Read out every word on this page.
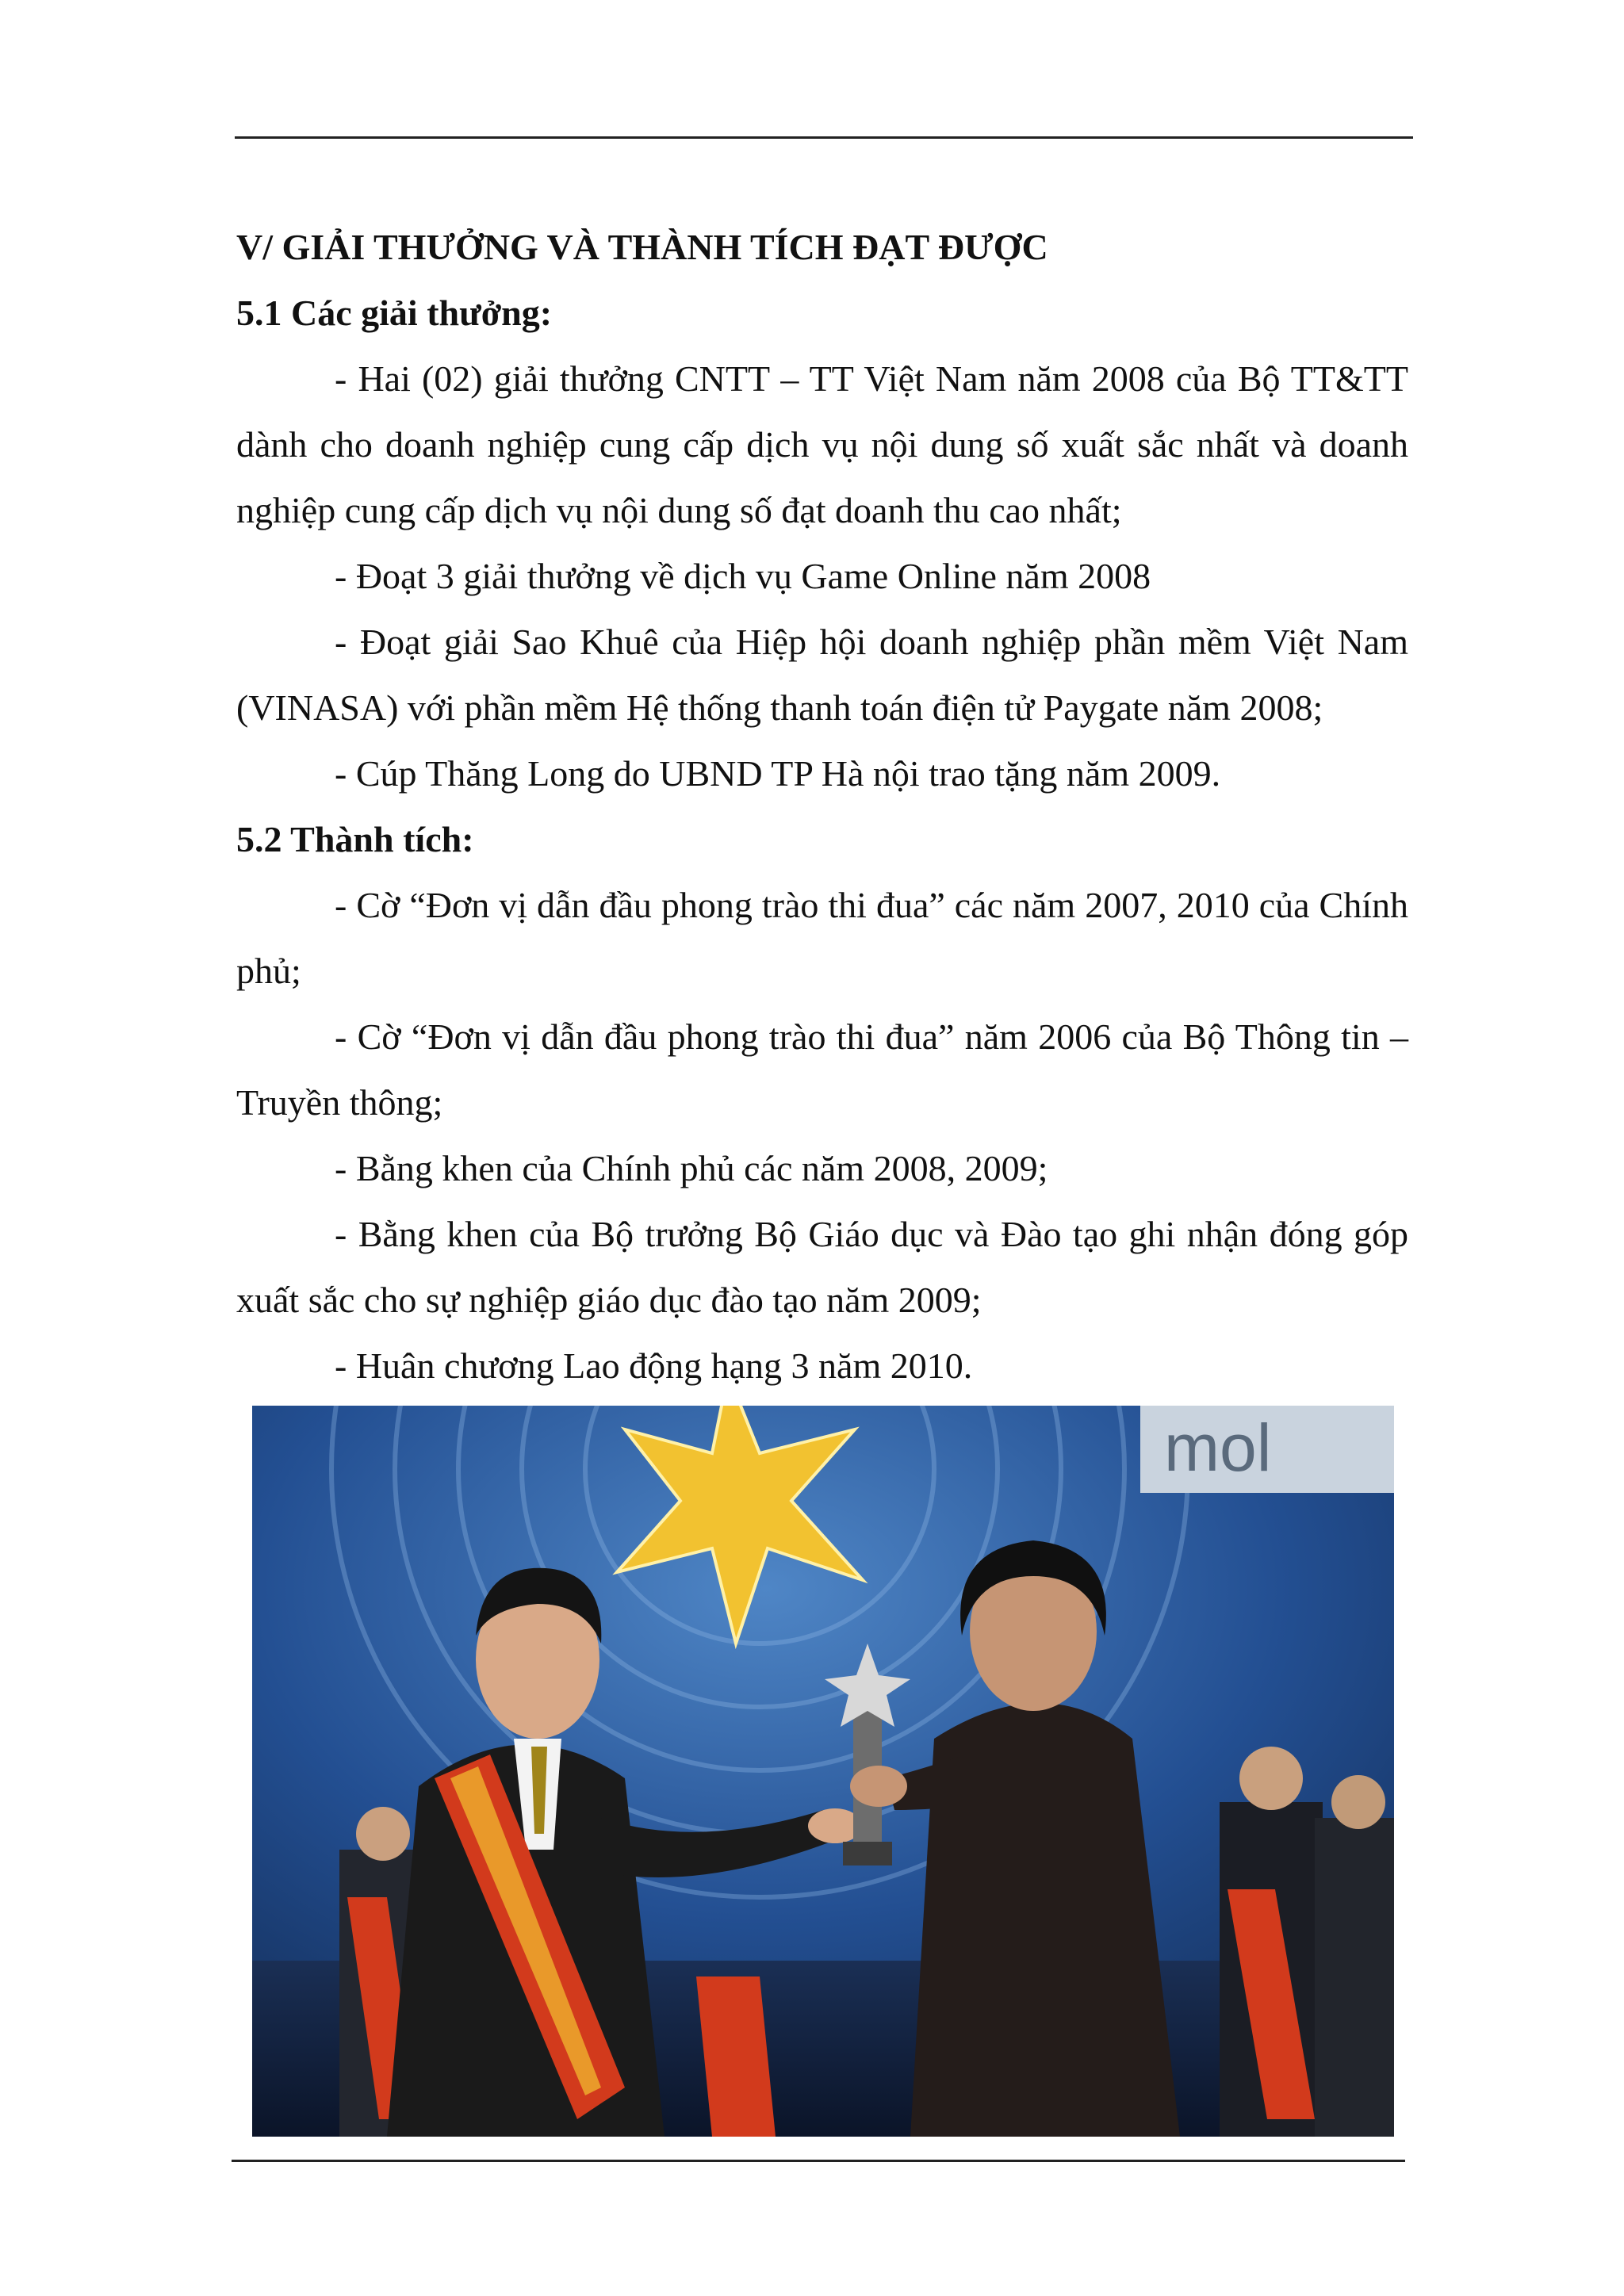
V/ GIẢI THƯỞNG VÀ THÀNH TÍCH ĐẠT ĐƯỢC

5.1 Các giải thưởng:

- Hai (02) giải thưởng CNTT – TT Việt Nam năm 2008 của Bộ TT&TT dành cho doanh nghiệp cung cấp dịch vụ nội dung số xuất sắc nhất và doanh nghiệp cung cấp dịch vụ nội dung số đạt doanh thu cao nhất;

- Đoạt 3 giải thưởng về dịch vụ Game Online năm 2008

- Đoạt giải Sao Khuê của Hiệp hội doanh nghiệp phần mềm Việt Nam (VINASA) với phần mềm Hệ thống thanh toán điện tử Paygate năm 2008;

- Cúp Thăng Long do UBND TP Hà nội trao tặng năm 2009.

5.2 Thành tích:

- Cờ “Đơn vị dẫn đầu phong trào thi đua” các năm 2007, 2010 của Chính phủ;

- Cờ “Đơn vị dẫn đầu phong trào thi đua” năm 2006 của Bộ Thông tin – Truyền thông;

- Bằng khen của Chính phủ các năm 2008, 2009;

- Bằng khen của Bộ trưởng Bộ Giáo dục và Đào tạo ghi nhận đóng góp xuất sắc cho sự nghiệp giáo dục đào tạo năm 2009;

- Huân chương Lao động hạng 3 năm 2010.

mol
